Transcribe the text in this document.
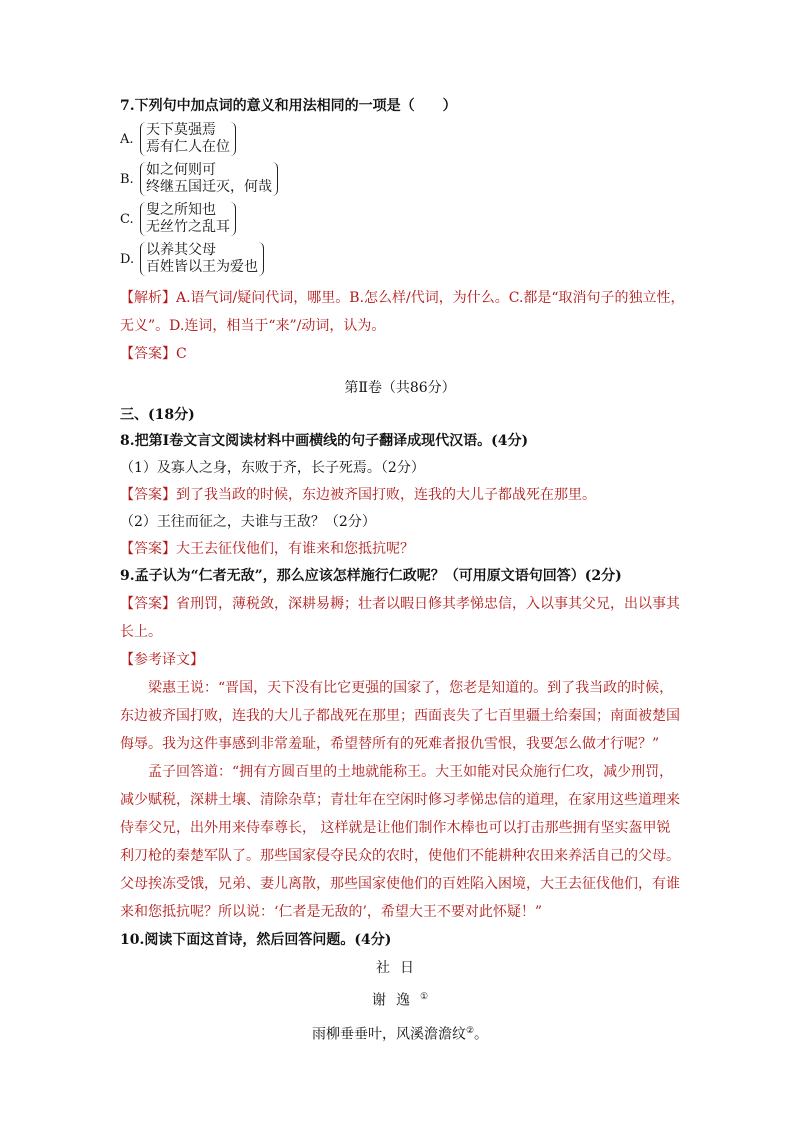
7.下列句中加点词的意义和用法相同的一项是（　　）
A.
天下莫强焉
焉有仁人在位
B.
如之何则可
终继五国迁灭，何哉
C.
叟之所知也
无丝竹之乱耳
D.
以养其父母
百姓皆以王为爱也
【解析】A.语气词/疑问代词，哪里。B.怎么样/代词，为什么。C.都是“取消句子的独立性，
无义”。D.连词，相当于“来”/动词，认为。
【答案】C
第Ⅱ卷（共86分）
三、(18分)
8.把第Ⅰ卷文言文阅读材料中画横线的句子翻译成现代汉语。(4分)
（1）及寡人之身，东败于齐，长子死焉。（2分）
【答案】到了我当政的时候，东边被齐国打败，连我的大儿子都战死在那里。
（2）王往而征之，夫谁与王敌？（2分）
【答案】大王去征伐他们，有谁来和您抵抗呢？
9.孟子认为“仁者无敌”，那么应该怎样施行仁政呢？（可用原文语句回答）(2分)
【答案】省刑罚，薄税敛，深耕易耨；壮者以暇日修其孝悌忠信，入以事其父兄，出以事其
长上。
【参考译文】
梁惠王说：“晋国，天下没有比它更强的国家了，您老是知道的。到了我当政的时候，东边被齐国打败，连我的大儿子都战死在那里；西面丧失了七百里疆土给秦国；南面被楚国侮辱。我为这件事感到非常羞耻，希望替所有的死难者报仇雪恨，我要怎么做才行呢？”
孟子回答道：“拥有方圆百里的土地就能称王。大王如能对民众施行仁攻，减少刑罚，减少赋税，深耕土壤、清除杂草；青壮年在空闲时修习孝悌忠信的道理，在家用这些道理来侍奉父兄，出外用来侍奉尊长， 这样就是让他们制作木棒也可以打击那些拥有坚实盔甲锐利刀枪的秦楚军队了。那些国家侵夺民众的农时，使他们不能耕种农田来养活自己的父母。父母挨冻受饿，兄弟、妻儿离散，那些国家使他们的百姓陷入困境，大王去征伐他们，有谁来和您抵抗呢？所以说：‘仁者是无敌的’，希望大王不要对此怀疑！”
10.阅读下面这首诗，然后回答问题。(4分)
社日
谢逸①
雨柳垂垂叶，风溪澹澹纹②。
